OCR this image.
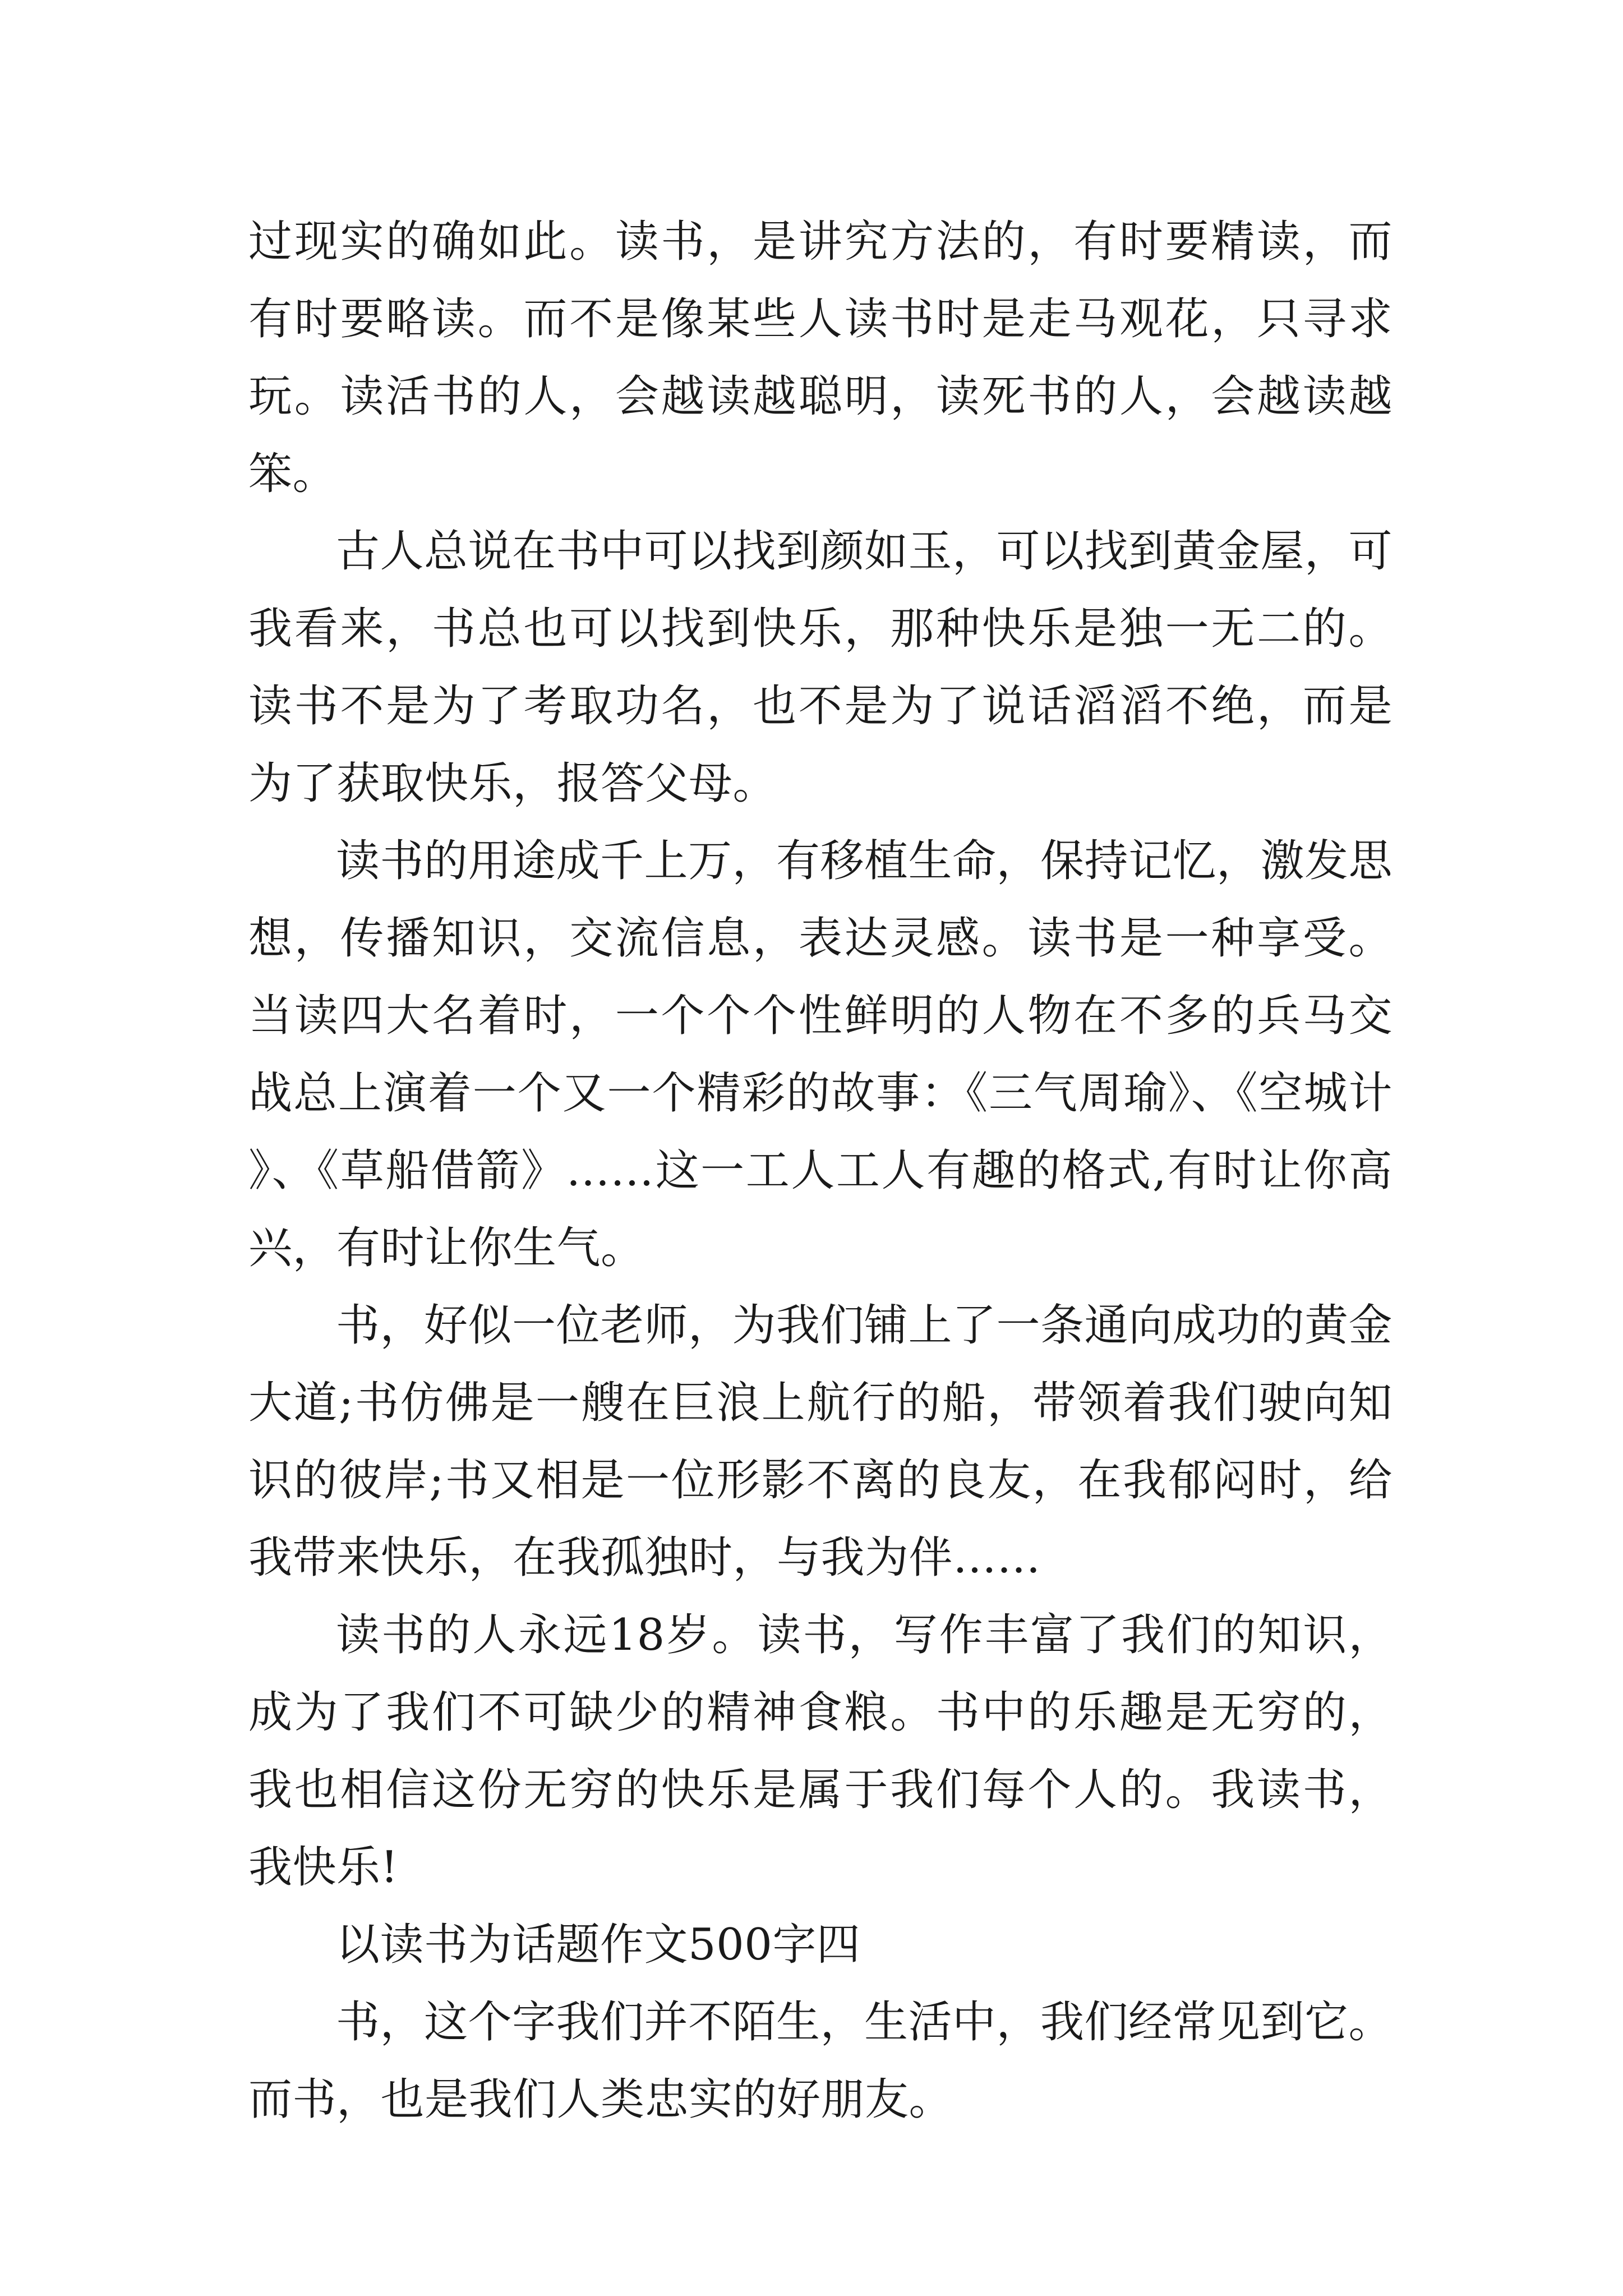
过现实的确如此。读书，是讲究方法的，有时要精读，而有时要略读。而不是像某些人读书时是走马观花，只寻求玩。读活书的人，会越读越聪明，读死书的人，会越读越笨。

古人总说在书中可以找到颜如玉，可以找到黄金屋，可我看来，书总也可以找到快乐，那种快乐是独一无二的。读书不是为了考取功名，也不是为了说话滔滔不绝，而是为了获取快乐，报答父母。

读书的用途成千上万，有移植生命，保持记忆，激发思想，传播知识，交流信息，表达灵感。读书是一种享受。当读四大名着时，一个个个性鲜明的人物在不多的兵马交战总上演着一个又一个精彩的故事：《三气周瑜》、《空城计》、《草船借箭》……这一工人工人有趣的格式,有时让你高兴，有时让你生气。

书，好似一位老师，为我们铺上了一条通向成功的黄金大道;书仿佛是一艘在巨浪上航行的船，带领着我们驶向知识的彼岸;书又相是一位形影不离的良友，在我郁闷时，给我带来快乐，在我孤独时，与我为伴……

读书的人永远18岁。读书，写作丰富了我们的知识，成为了我们不可缺少的精神食粮。书中的乐趣是无穷的，我也相信这份无穷的快乐是属于我们每个人的。我读书，我快乐!

以读书为话题作文500字四

书，这个字我们并不陌生，生活中，我们经常见到它。而书，也是我们人类忠实的好朋友。
